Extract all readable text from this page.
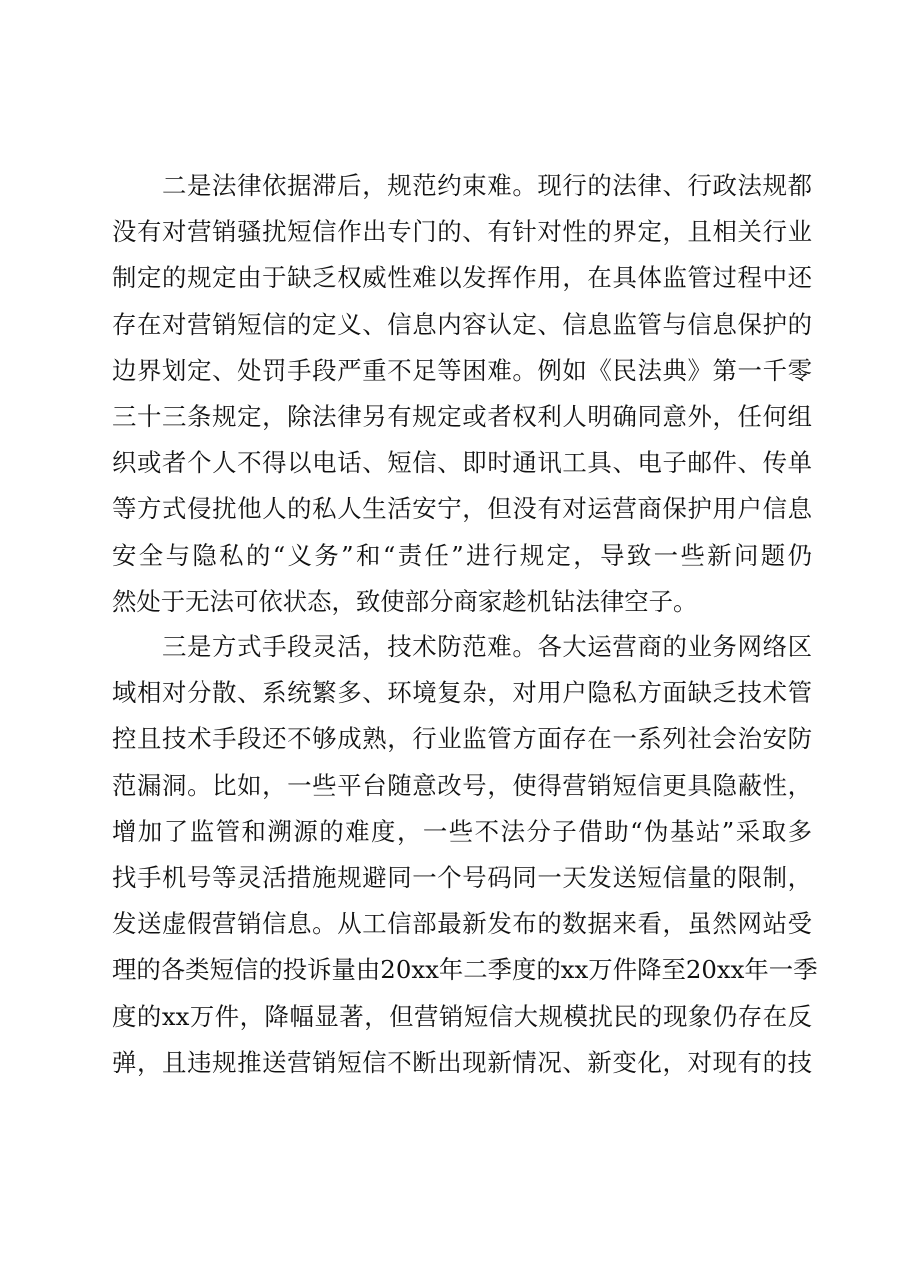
二是法律依据滞后，规范约束难。现行的法律、行政法规都
没有对营销骚扰短信作出专门的、有针对性的界定，且相关行业
制定的规定由于缺乏权威性难以发挥作用，在具体监管过程中还
存在对营销短信的定义、信息内容认定、信息监管与信息保护的
边界划定、处罚手段严重不足等困难。例如《民法典》第一千零
三十三条规定，除法律另有规定或者权利人明确同意外，任何组
织或者个人不得以电话、短信、即时通讯工具、电子邮件、传单
等方式侵扰他人的私人生活安宁，但没有对运营商保护用户信息
安全与隐私的“义务”和“责任”进行规定，导致一些新问题仍
然处于无法可依状态，致使部分商家趁机钻法律空子。
三是方式手段灵活，技术防范难。各大运营商的业务网络区
域相对分散、系统繁多、环境复杂，对用户隐私方面缺乏技术管
控且技术手段还不够成熟，行业监管方面存在一系列社会治安防
范漏洞。比如，一些平台随意改号，使得营销短信更具隐蔽性，
增加了监管和溯源的难度，一些不法分子借助“伪基站”采取多
找手机号等灵活措施规避同一个号码同一天发送短信量的限制，
发送虚假营销信息。从工信部最新发布的数据来看，虽然网站受
理的各类短信的投诉量由20xx年二季度的xx万件降至20xx年一季
度的xx万件，降幅显著，但营销短信大规模扰民的现象仍存在反
弹，且违规推送营销短信不断出现新情况、新变化，对现有的技
